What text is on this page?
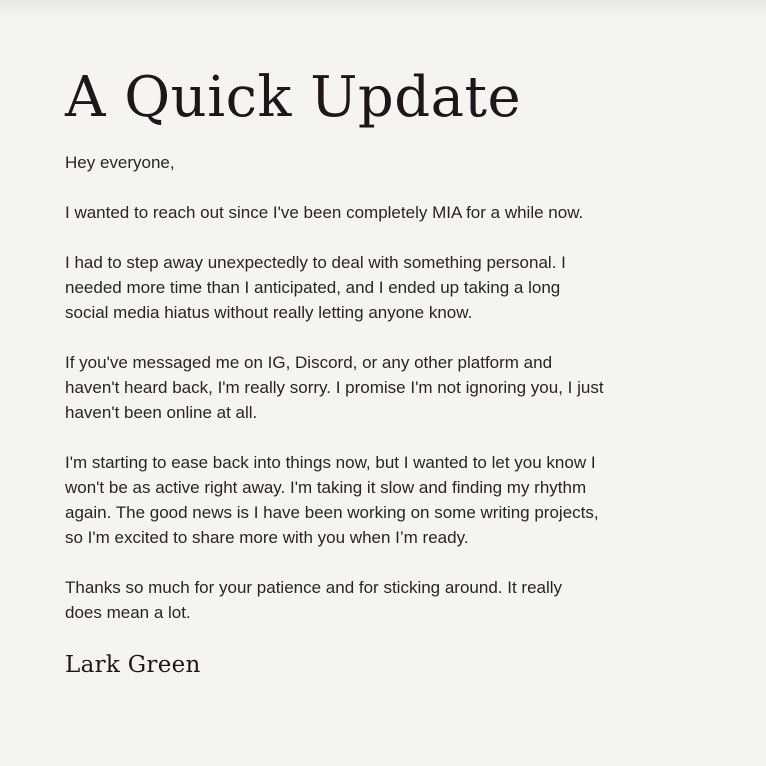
A Quick Update

Hey everyone,

I wanted to reach out since I've been completely MIA for a while now.

I had to step away unexpectedly to deal with something personal. I
needed more time than I anticipated, and I ended up taking a long
social media hiatus without really letting anyone know.

If you've messaged me on IG, Discord, or any other platform and
haven't heard back, I'm really sorry. I promise I'm not ignoring you, I just
haven't been online at all.

I'm starting to ease back into things now, but I wanted to let you know I
won't be as active right away. I'm taking it slow and finding my rhythm
again. The good news is I have been working on some writing projects,
so I'm excited to share more with you when I’m ready.

Thanks so much for your patience and for sticking around. It really
does mean a lot.

Lark Green
